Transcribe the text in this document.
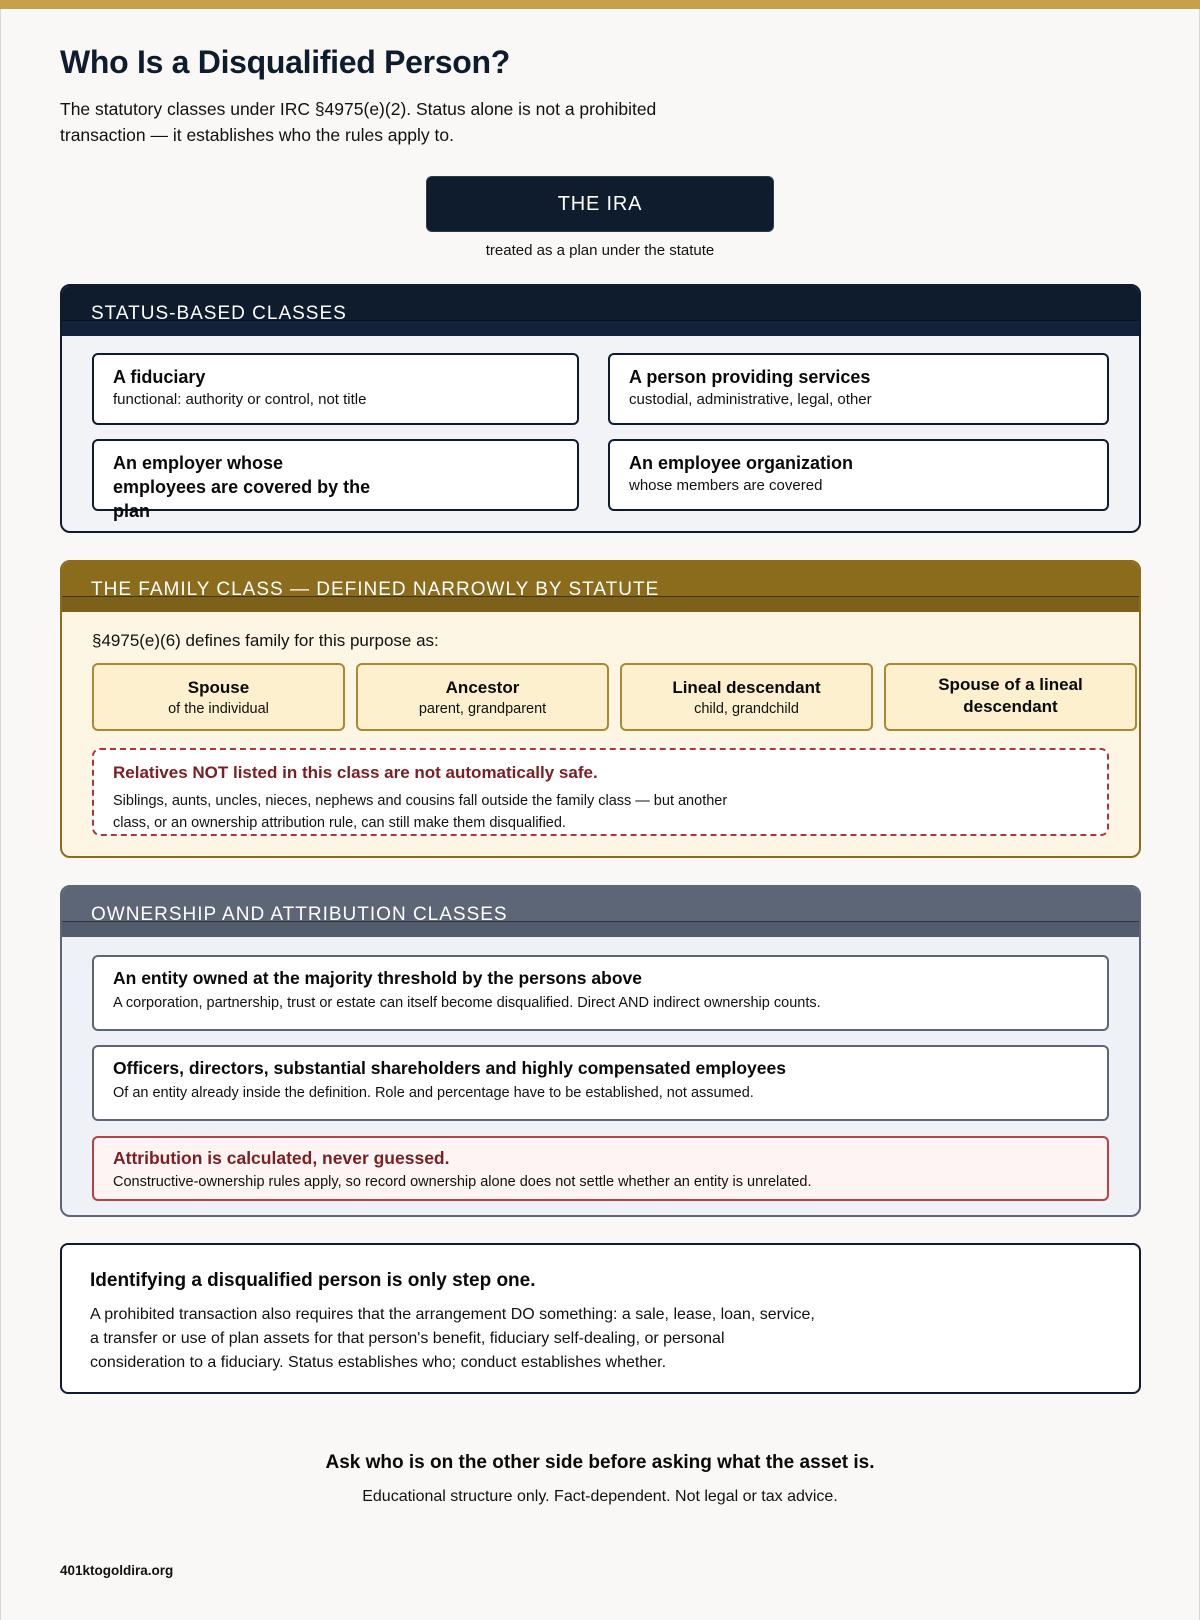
Who Is a Disqualified Person?

The statutory classes under IRC §4975(e)(2). Status alone is not a prohibited transaction — it establishes who the rules apply to.

THE IRA
treated as a plan under the statute
STATUS-BASED CLASSES
A fiduciary
functional: authority or control, not title
A person providing services
custodial, administrative, legal, other
An employer whose employees are covered by the plan
An employee organization
whose members are covered
THE FAMILY CLASS — DEFINED NARROWLY BY STATUTE
§4975(e)(6) defines family for this purpose as:
Spouse
of the individual
Ancestor
parent, grandparent
Lineal descendant
child, grandchild
Spouse of a lineal descendant
Relatives NOT listed in this class are not automatically safe.
Siblings, aunts, uncles, nieces, nephews and cousins fall outside the family class — but another class, or an ownership attribution rule, can still make them disqualified.
OWNERSHIP AND ATTRIBUTION CLASSES
An entity owned at the majority threshold by the persons above
A corporation, partnership, trust or estate can itself become disqualified. Direct AND indirect ownership counts.
Officers, directors, substantial shareholders and highly compensated employees
Of an entity already inside the definition. Role and percentage have to be established, not assumed.
Attribution is calculated, never guessed.
Constructive-ownership rules apply, so record ownership alone does not settle whether an entity is unrelated.
Identifying a disqualified person is only step one.
A prohibited transaction also requires that the arrangement DO something: a sale, lease, loan, service, a transfer or use of plan assets for that person's benefit, fiduciary self-dealing, or personal consideration to a fiduciary. Status establishes who; conduct establishes whether.
Ask who is on the other side before asking what the asset is.
Educational structure only. Fact-dependent. Not legal or tax advice.
401ktogoldira.org
